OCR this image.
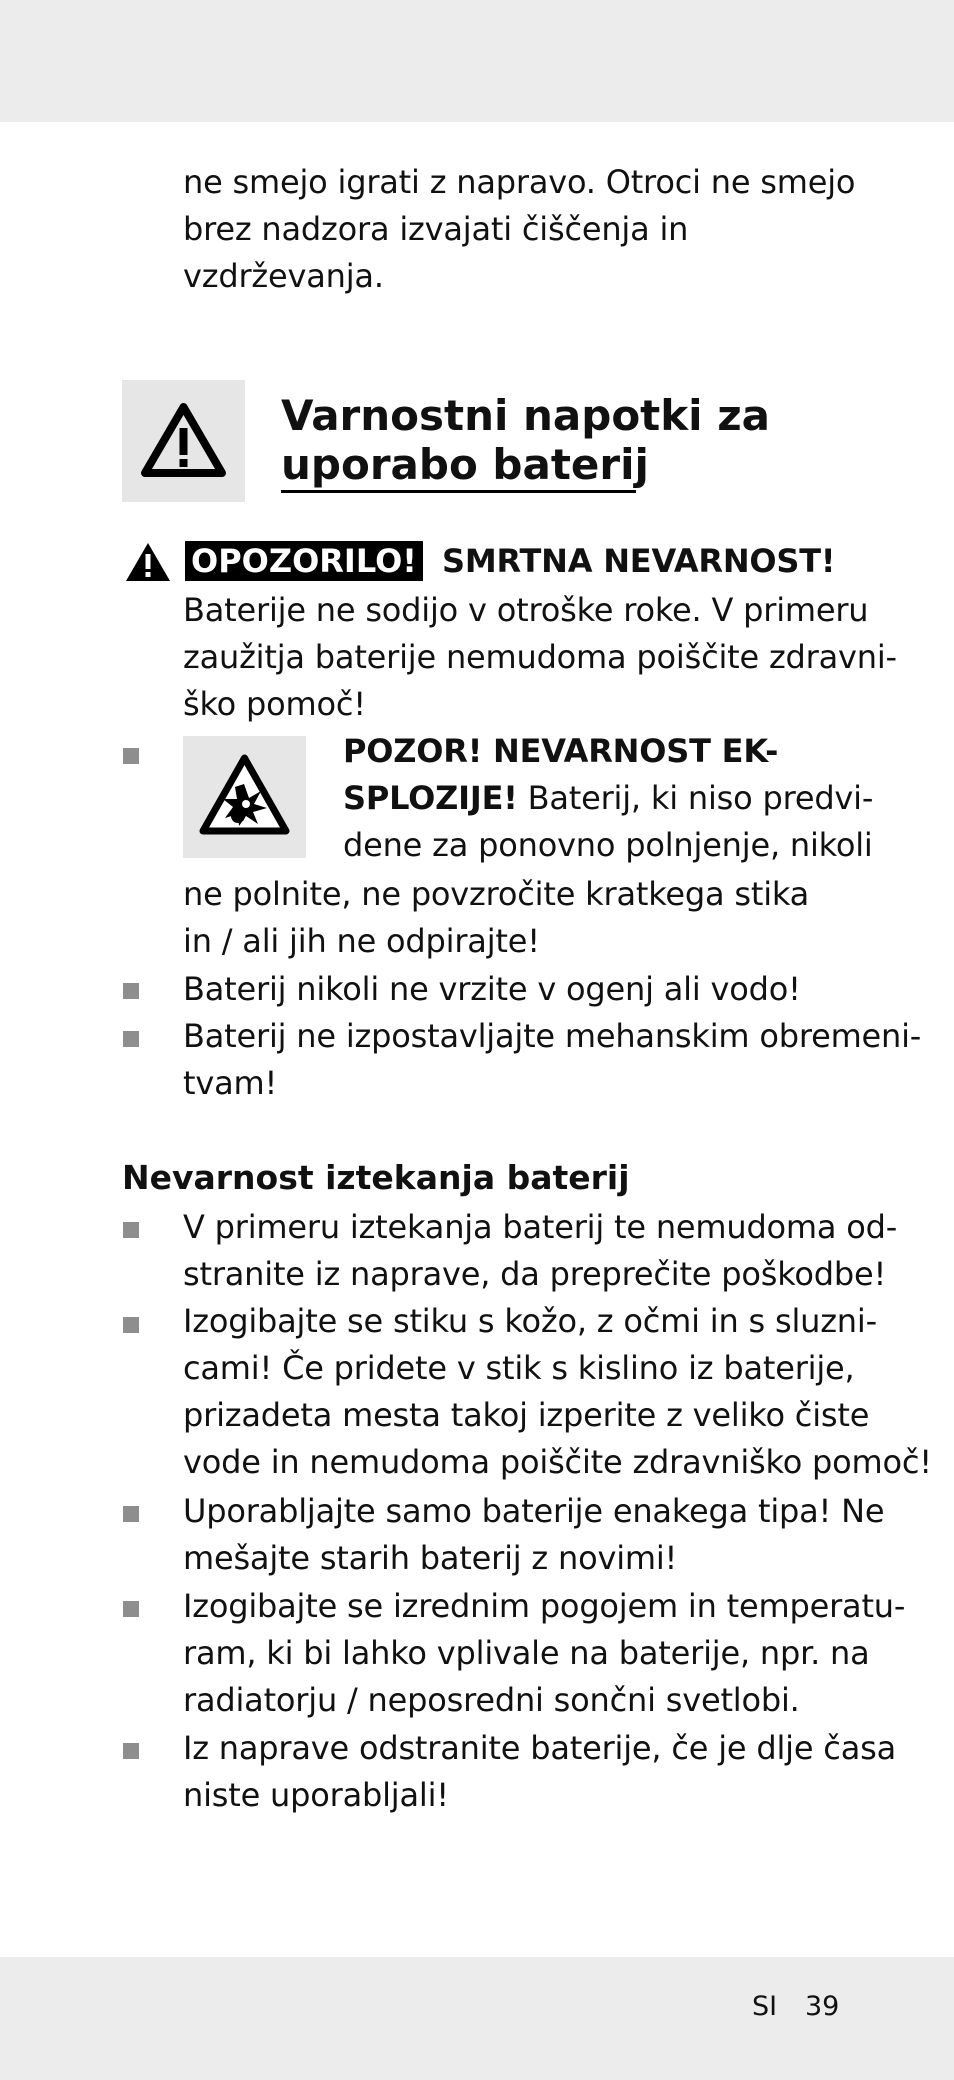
ne smejo igrati z napravo. Otroci ne smejo
brez nadzora izvajati čiščenja in
vzdrževanja.
Varnostni napotki za
uporabo baterij
OPOZORILO! SMRTNA NEVARNOST!
Baterije ne sodijo v otroške roke. V primeru
zaužitja baterije nemudoma poiščite zdravni-
ško pomoč!
POZOR! NEVARNOST EK-
SPLOZIJE! Baterij, ki niso predvi-
dene za ponovno polnjenje, nikoli
ne polnite, ne povzročite kratkega stika
in / ali jih ne odpirajte!
Baterij nikoli ne vrzite v ogenj ali vodo!
Baterij ne izpostavljajte mehanskim obremeni-
tvam!
Nevarnost iztekanja baterij
V primeru iztekanja baterij te nemudoma od-
stranite iz naprave, da preprečite poškodbe!
Izogibajte se stiku s kožo, z očmi in s sluzni-
cami! Če pridete v stik s kislino iz baterije,
prizadeta mesta takoj izperite z veliko čiste
vode in nemudoma poiščite zdravniško pomoč!
Uporabljajte samo baterije enakega tipa! Ne
mešajte starih baterij z novimi!
Izogibajte se izrednim pogojem in temperatu-
ram, ki bi lahko vplivale na baterije, npr. na
radiatorju / neposredni sončni svetlobi.
Iz naprave odstranite baterije, če je dlje časa
niste uporabljali!
SI 39
